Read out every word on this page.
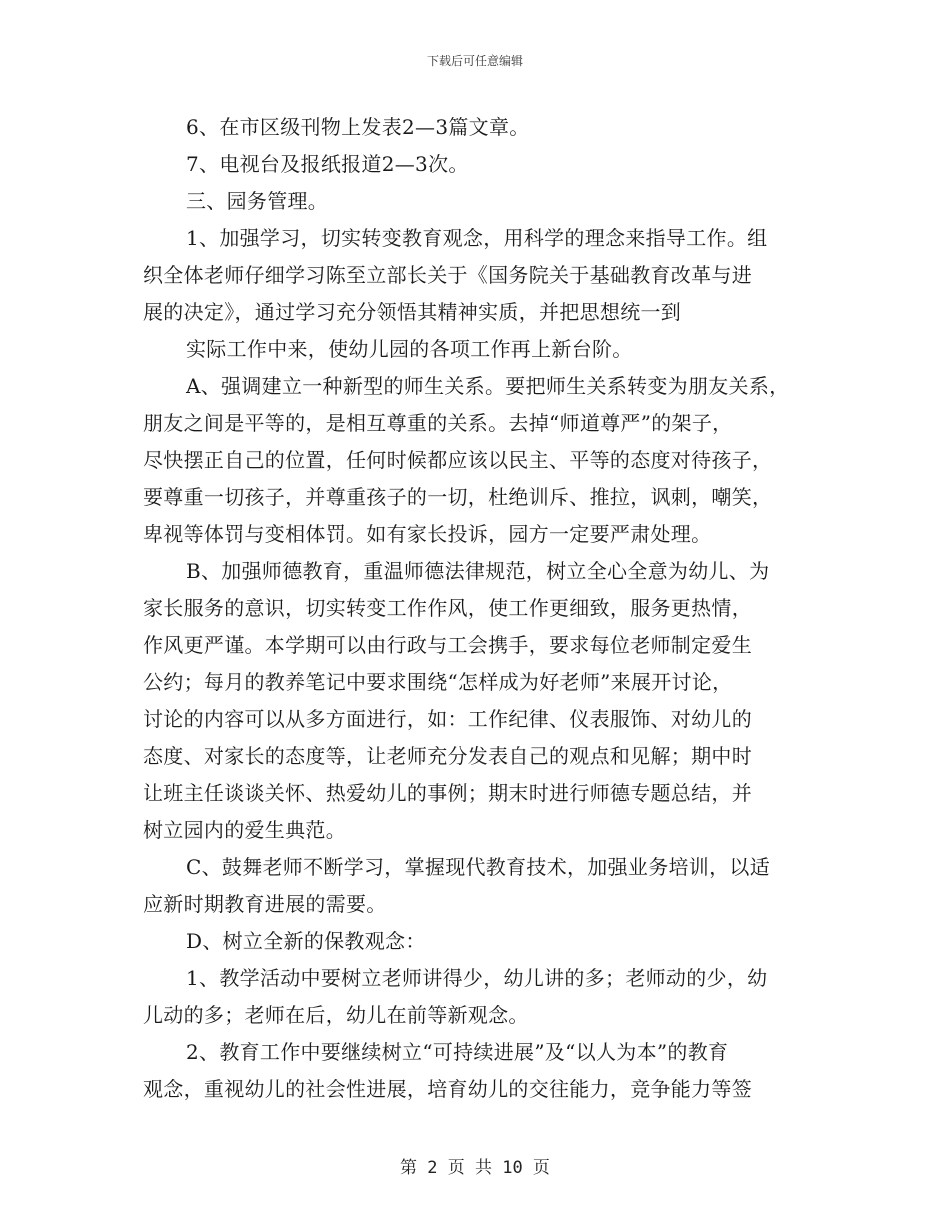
下载后可任意编辑
6、在市区级刊物上发表2—3篇文章。
7、电视台及报纸报道2—3次。
三、园务管理。
1、加强学习，切实转变教育观念，用科学的理念来指导工作。组
织全体老师仔细学习陈至立部长关于《国务院关于基础教育改革与进
展的决定》，通过学习充分领悟其精神实质，并把思想统一到
实际工作中来，使幼儿园的各项工作再上新台阶。
A、强调建立一种新型的师生关系。要把师生关系转变为朋友关系，
朋友之间是平等的，是相互尊重的关系。去掉“师道尊严”的架子，
尽快摆正自己的位置，任何时候都应该以民主、平等的态度对待孩子，
要尊重一切孩子，并尊重孩子的一切，杜绝训斥、推拉，讽刺，嘲笑，
卑视等体罚与变相体罚。如有家长投诉，园方一定要严肃处理。
B、加强师德教育，重温师德法律规范，树立全心全意为幼儿、为
家长服务的意识，切实转变工作作风，使工作更细致，服务更热情，
作风更严谨。本学期可以由行政与工会携手，要求每位老师制定爱生
公约；每月的教养笔记中要求围绕“怎样成为好老师”来展开讨论，
讨论的内容可以从多方面进行，如：工作纪律、仪表服饰、对幼儿的
态度、对家长的态度等，让老师充分发表自己的观点和见解；期中时
让班主任谈谈关怀、热爱幼儿的事例；期末时进行师德专题总结，并
树立园内的爱生典范。
C、鼓舞老师不断学习，掌握现代教育技术，加强业务培训，以适
应新时期教育进展的需要。
D、树立全新的保教观念：
1、教学活动中要树立老师讲得少，幼儿讲的多；老师动的少，幼
儿动的多；老师在后，幼儿在前等新观念。
2、教育工作中要继续树立“可持续进展”及“以人为本”的教育
观念，重视幼儿的社会性进展，培育幼儿的交往能力，竞争能力等签
第 2 页 共 10 页
